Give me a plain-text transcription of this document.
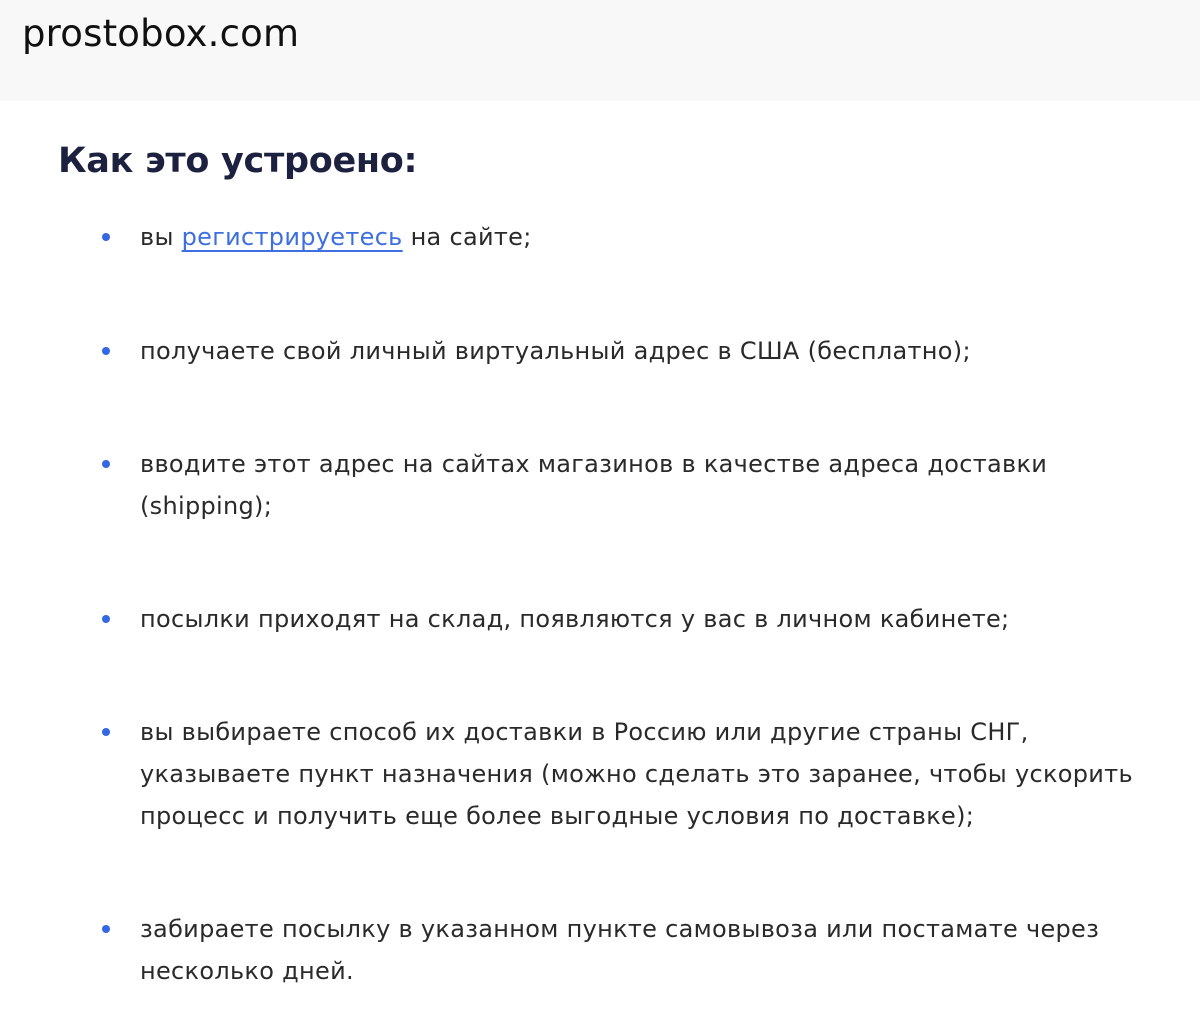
prostobox.com
Как это устроено:
вы регистрируетесь на сайте;
получаете свой личный виртуальный адрес в США (бесплатно);
вводите этот адрес на сайтах магазинов в качестве адреса доставки (shipping);
посылки приходят на склад, появляются у вас в личном кабинете;
вы выбираете способ их доставки в Россию или другие страны СНГ, указываете пункт назначения (можно сделать это заранее, чтобы ускорить процесс и получить еще более выгодные условия по доставке);
забираете посылку в указанном пункте самовывоза или постамате через несколько дней.
